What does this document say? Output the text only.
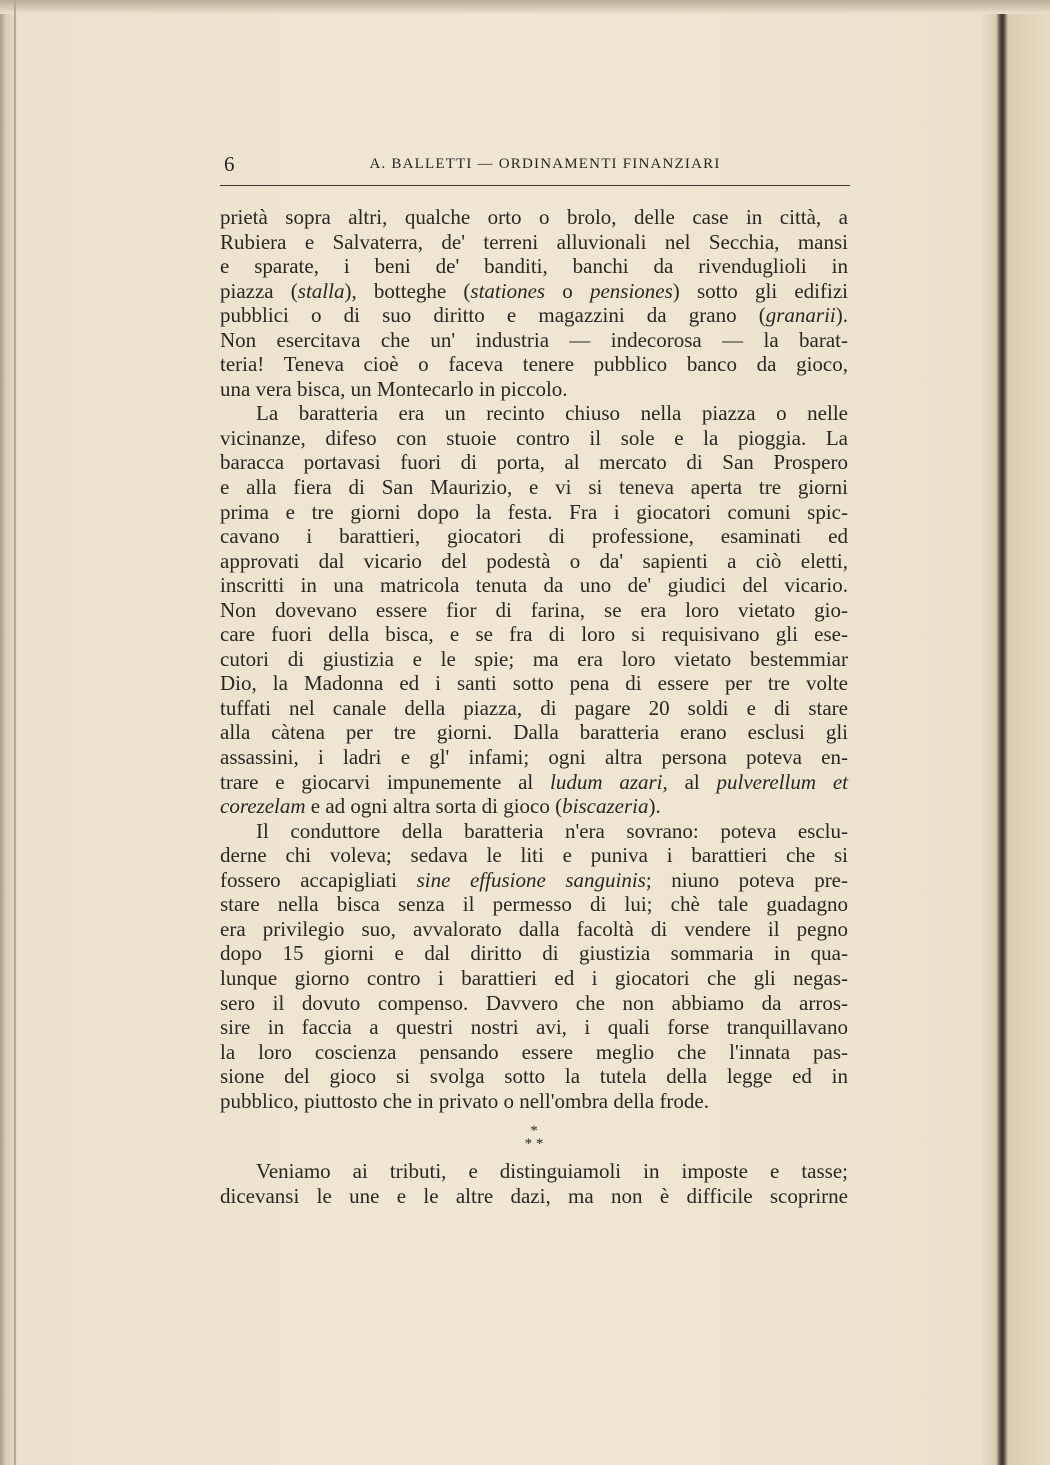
6	A. BALLETTI — ORDINAMENTI FINANZIARI
prietà sopra altri, qualche orto o brolo, delle case in città, a
Rubiera e Salvaterra, de' terreni alluvionali nel Secchia, mansi
e sparate, i beni de' banditi, banchi da rivenduglioli in
piazza (stalla), botteghe (stationes o pensiones) sotto gli edifizi
pubblici o di suo diritto e magazzini da grano (granarii).
Non esercitava che un' industria — indecorosa — la barat-
teria! Teneva cioè o faceva tenere pubblico banco da gioco,
una vera bisca, un Montecarlo in piccolo.
La baratteria era un recinto chiuso nella piazza o nelle
vicinanze, difeso con stuoie contro il sole e la pioggia. La
baracca portavasi fuori di porta, al mercato di San Prospero
e alla fiera di San Maurizio, e vi si teneva aperta tre giorni
prima e tre giorni dopo la festa. Fra i giocatori comuni spic-
cavano i barattieri, giocatori di professione, esaminati ed
approvati dal vicario del podestà o da' sapienti a ciò eletti,
inscritti in una matricola tenuta da uno de' giudici del vicario.
Non dovevano essere fior di farina, se era loro vietato gio-
care fuori della bisca, e se fra di loro si requisivano gli ese-
cutori di giustizia e le spie; ma era loro vietato bestemmiar
Dio, la Madonna ed i santi sotto pena di essere per tre volte
tuffati nel canale della piazza, di pagare 20 soldi e di stare
alla càtena per tre giorni. Dalla baratteria erano esclusi gli
assassini, i ladri e gl' infami; ogni altra persona poteva en-
trare e giocarvi impunemente al ludum azari, al pulverellum et
corezelam e ad ogni altra sorta di gioco (biscazeria).
Il conduttore della baratteria n'era sovrano: poteva esclu-
derne chi voleva; sedava le liti e puniva i barattieri che si
fossero accapigliati sine effusione sanguinis; niuno poteva pre-
stare nella bisca senza il permesso di lui; chè tale guadagno
era privilegio suo, avvalorato dalla facoltà di vendere il pegno
dopo 15 giorni e dal diritto di giustizia sommaria in qua-
lunque giorno contro i barattieri ed i giocatori che gli negas-
sero il dovuto compenso. Davvero che non abbiamo da arros-
sire in faccia a questri nostri avi, i quali forse tranquillavano
la loro coscienza pensando essere meglio che l'innata pas-
sione del gioco si svolga sotto la tutela della legge ed in
pubblico, piuttosto che in privato o nell'ombra della frode.
*
* *
Veniamo ai tributi, e distinguiamoli in imposte e tasse;
dicevansi le une e le altre dazi, ma non è difficile scoprirne
